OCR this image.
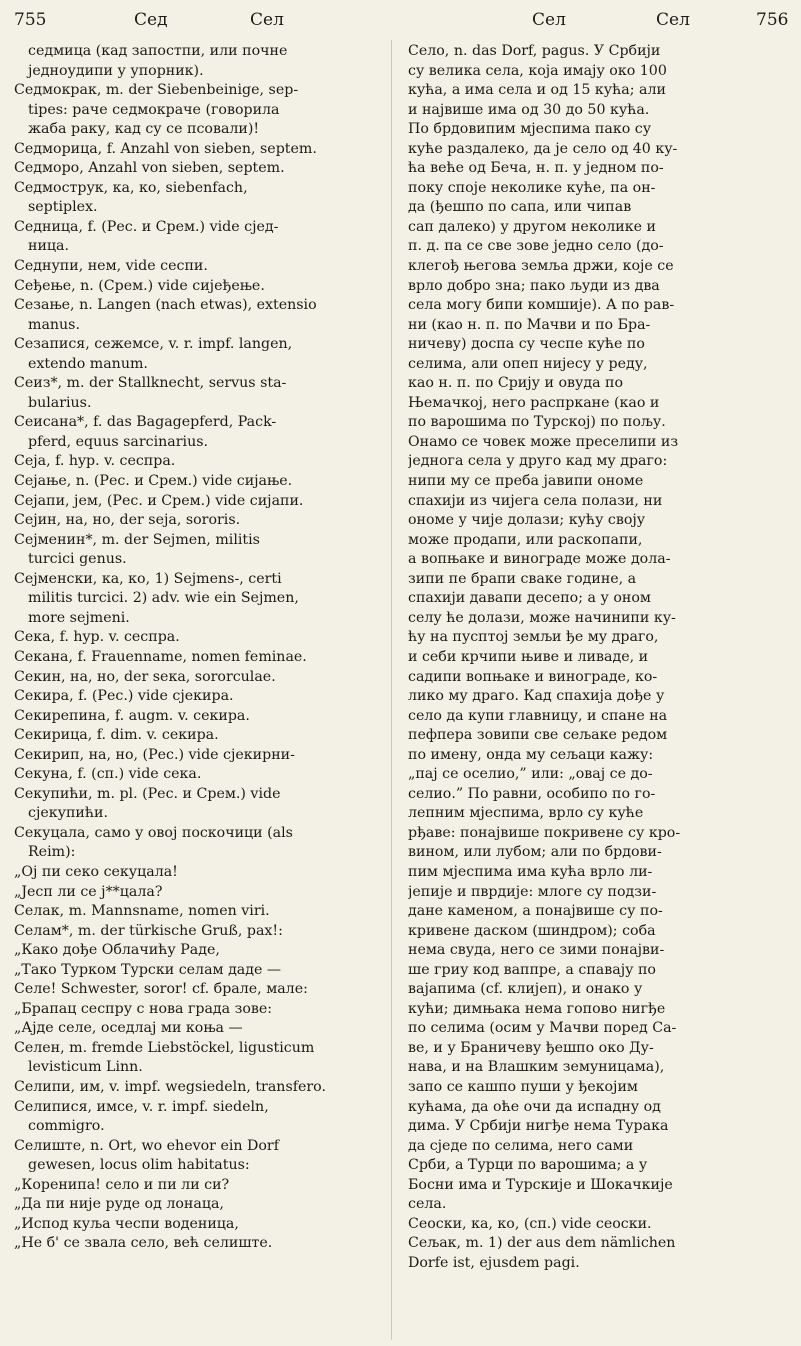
755	Сед	Сел	Сел	Сел	756
седмица (кад запостпи, или почне
једноудипи у упорник).
Седмокрак, m. der Siebenbeinige, sep-
tipes: раче седмокраче (говорила
жаба раку, кад су се псовали)!
Седморица, f. Anzahl von sieben, septem.
Седморо, Anzahl von sieben, septem.
Седмострук, ка, ко, siebenfach,
septiplex.
Седница, f. (Рес. и Срем.) vide сјед-
ница.
Седнупи, нем, vide сеспи.
Сеђење, n. (Срем.) vide сијеђење.
Сезање, n. Langen (nach etwas), extensio
manus.
Сезапися, сежемсе, v. r. impf. langen,
extendo manum.
Сеиз*, m. der Stallknecht, servus sta-
bularius.
Сеисана*, f. das Bagagepferd, Pack-
pferd, equus sarcinarius.
Сеја, f. hyp. v. сеспра.
Сејање, n. (Рес. и Срем.) vide сијање.
Сејапи, јем, (Рес. и Срем.) vide сијапи.
Сејин, на, но, der seja, sororis.
Сејменин*, m. der Sejmen, militis
turcici genus.
Сејменски, ка, ко, 1) Sejmens-, certi
militis turcici. 2) adv. wie ein Sejmen,
more sejmeni.
Сека, f. hyp. v. сеспра.
Секана, f. Frauenname, nomen feminae.
Секин, на, но, der seка, sororculae.
Секира, f. (Рес.) vide сјекира.
Секирепина, f. augm. v. секира.
Секирица, f. dim. v. секира.
Секирип, на, но, (Рес.) vide сјекирни-
Секуна, f. (сп.) vide сека.
Секупићи, m. pl. (Рес. и Срем.) vide
сјекупићи.
Секуцала, само у овој поскочици (als
Reim):
„Ој пи секо секуцала!
„Јесп ли се ј**цала?
Селак, m. Mannsname, nomen viri.
Селам*, m. der türkische Gruß, pax!:
„Како дође Облачићу Раде,
„Тако Турком Турски селам даде —
Селе! Schwester, soror! cf. брале, мале:
„Брапац сеспру с нова града зове:
„Ајде селе, оседлај ми коња —
Селен, m. fremde Liebstöckel, ligusticum
levisticum Linn.
Селипи, им, v. impf. wegsiedeln, transfero.
Селипися, имсе, v. r. impf. siedeln,
commigro.
Селиште, n. Ort, wo ehevor ein Dorf
gewesen, locus olim habitatus:
„Коренипа! село и пи ли си?
„Да пи није руде од лонаца,
„Испод куља чеспи воденица,
„Не б' се звала село, већ селиште.
Село, n. das Dorf, pagus. У Србији
су велика села, која имају око 100
кућа, а има села и од 15 кућа; али
и највише има од 30 до 50 кућа.
По брдовипим мјеспима пако су
куће раздалеко, да је село од 40 ку-
ћа веће од Беча, н. п. у једном по-
поку споје неколике куће, па он-
да (ђешпо по сапа, или чипав
сап далеко) у другом неколике и
п. д. па се све зове једно село (до-
клегођ његова земља држи, које се
врло добро зна; пако људи из два
села могу бипи комшије). А по рав-
ни (као н. п. по Мачви и по Бра-
ничеву) доспа су чеспе куће по
селима, али опеп нијесу у реду,
као н. п. по Срију и овуда по
Њемачкој, него распркане (као и
по варошима по Турској) по пољу.
Онамо се човек може преселипи из
једнога села у друго кад му драго:
нипи му се преба јавипи ономе
спахији из чијега села полази, ни
ономе у чије долази; кућу своју
може продапи, или раскопапи,
а вопњаке и винограде може дола-
зипи пе брапи сваке године, а
спахији давапи десепо; а у оном
селу ће долази, може начинипи ку-
ћу на пусптој земљи ђе му драго,
и себи крчипи њиве и ливаде, и
садипи вопњаке и винограде, ко-
лико му драго. Кад спахија дође у
село да купи главницу, и спане на
пефпера зовипи све сељаке редом
по имену, онда му сељаци кажу:
„пај се оселио,” или: „овај се до-
селио.” По равни, особипо по го-
лепним мјеспима, врло су куће
рђаве: понајвише покривене су кро-
вином, или лубом; али по брдови-
пим мјеспима има кућа врло ли-
јепије и пврдије: млоге су подзи-
дане каменом, а понајвише су по-
кривене даском (шиндром); соба
нема свуда, него се зими понајви-
ше гриу код ваппре, а спавају по
вајапима (cf. клијеп), и онако у
кући; димњака нема гопово нигђе
по селима (осим у Мачви поред Са-
ве, и у Браничеву ђешпо око Ду-
нава, и на Влашким земуницама),
запо се кашпо пуши у ђекојим
кућама, да оће очи да испадну од
дима. У Србији нигђе нема Турака
да сједе по селима, него сами
Срби, а Турци по варошима; а у
Босни има и Турскије и Шокачкије
села.
Сеоски, ка, ко, (сп.) vide сеоски.
Сељак, m. 1) der aus dem nämlichen
Dorfe ist, ejusdem pagi.
